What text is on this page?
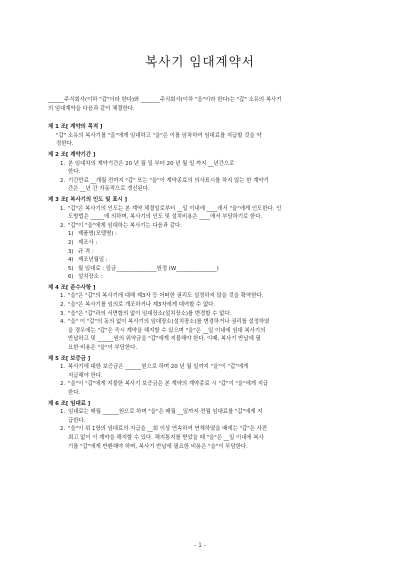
복사기 임대계약서
______주식회사(이하 "갑"이라 한다)와 _______주식회사(이하 "을"이라 한다)는 "갑" 소유의 복사기
의 임대계약을 다음과 같이 체결한다.
제 1 조[ 계약의 목적 ]
"갑" 소유의 복사기를 "을"에게 임대하고 "을"은 이를 임차하여 임대료를 지급할 것을 약
정한다.
제 2 조[ 계약기간 ]
1. 본 임대차의 계약기간은 20 년 월 일 부터 20 년 월 일 까지 __년간으로
한다.
2. 기간만료 __개월 전까지 "갑" 또는 "을"이 계약종료의 의사표시를 하지 않는 한 계약기
간은 __년 간 자동적으로 갱신된다.
제 3 조[ 복사기의 인도 및 표시 ]
1. "갑"은 복사기의 인도는 본 계약 체결일로부터 __일 이내에 ____에서 "을"에게 인도한다. 인
도방법은 _____에 의하며, 복사기의 인도 및 설치비용은 ____에서 부담하기로 한다.
2. "갑"이 "을"에게 임대하는 복사기는 다음과 같다.
1) 제품명(모델명) :
2) 제조사 :
3) 규 격 :
4) 제조년월일 :
5) 월 임대료 : 일금_______________원정 (W_______________)
6) 설치장소 :
제 4 조[ 준수사항 ]
1. "을"은 "갑"의 복사기에 대해 제3자 등 어떠한 권리도 설정하지 않을 것을 확약한다.
2. "을"은 복사기를 임의로 개조하거나 제3자에게 대여할 수 없다.
3. "을"은 "갑"과의 서면합의 없이 임대장소(설치장소)를 변경할 수 없다.
4. "을" 이 "갑"의 동의 없이 복사기의 임대장소(설치장소)를 변경하거나 권리를 설정하였
을 경우에는 "갑"은 즉시 계약을 해지할 수 있으며 "을"은 __일 이내에 임대 복사기의
반납하고 및 ______원의 위약금을 "갑"에게 지불해야 한다. 이때, 복사기 반납에 필
요한 비용은 "을"이 부담한다.
제 5 조[ 보증금 ]
1. 복사기에 대한 보증금은 ______원으로 하며 20 년 월 일까지 "을"이 "갑"에게
지급해야 한다.
2. "을"이 "갑"에게 지불한 복사기 보증금은 본 계약의 계약종료 시 "갑"이 "을"에게 지급
한다.
제 6 조[ 임대료 ]
1. 임대료는 매월 ______원으로 하며 "을"은 매월 __일까지 전월 임대료를 "갑"에게 지
급한다.
2. "을"이 위 1항의 임대료의 지급을 __회 이상 연속하여 연체하였을 때에는 "갑"은 사전
최고 없이 이 계약을 해지할 수 있다. 해지통지를 받았을 때 "을"은 __일 이내에 복사
기를 "갑"에게 반환해야 하며, 복사기 반납에 필요한 비용은 "을"이 부담한다.
- 1 -
